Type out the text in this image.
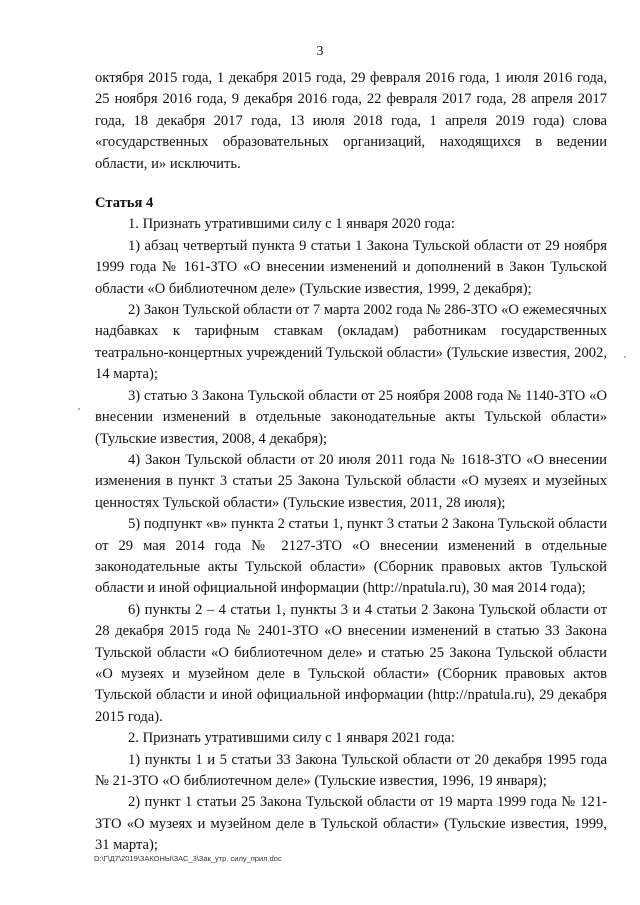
3

октября 2015 года, 1 декабря 2015 года, 29 февраля 2016 года, 1 июля 2016 года, 25 ноября 2016 года, 9 декабря 2016 года, 22 февраля 2017 года, 28 апреля 2017 года, 18 декабря 2017 года, 13 июля 2018 года, 1 апреля 2019 года) слова «государственных образовательных организаций, находящихся в ведении области, и» исключить.

Статья 4

1. Признать утратившими силу с 1 января 2020 года:

1) абзац четвертый пункта 9 статьи 1 Закона Тульской области от 29 ноября 1999 года № 161-ЗТО «О внесении изменений и дополнений в Закон Тульской области «О библиотечном деле» (Тульские известия, 1999, 2 декабря);

2) Закон Тульской области от 7 марта 2002 года № 286-ЗТО «О ежемесячных надбавках к тарифным ставкам (окладам) работникам государственных театрально-концертных учреждений Тульской области» (Тульские известия, 2002, 14 марта);

3) статью 3 Закона Тульской области от 25 ноября 2008 года № 1140-ЗТО «О внесении изменений в отдельные законодательные акты Тульской области» (Тульские известия, 2008, 4 декабря);

4) Закон Тульской области от 20 июля 2011 года № 1618-ЗТО «О внесении изменения в пункт 3 статьи 25 Закона Тульской области «О музеях и музейных ценностях Тульской области» (Тульские известия, 2011, 28 июля);

5) подпункт «в» пункта 2 статьи 1, пункт 3 статьи 2 Закона Тульской области от 29 мая 2014 года № 2127-ЗТО «О внесении изменений в отдельные законодательные акты Тульской области» (Сборник правовых актов Тульской области и иной официальной информации (http://npatula.ru), 30 мая 2014 года);

6) пункты 2 – 4 статьи 1, пункты 3 и 4 статьи 2 Закона Тульской области от 28 декабря 2015 года № 2401-ЗТО «О внесении изменений в статью 33 Закона Тульской области «О библиотечном деле» и статью 25 Закона Тульской области «О музеях и музейном деле в Тульской области» (Сборник правовых актов Тульской области и иной официальной информации (http://npatula.ru), 29 декабря 2015 года).

2. Признать утратившими силу с 1 января 2021 года:

1) пункты 1 и 5 статьи 33 Закона Тульской области от 20 декабря 1995 года № 21-ЗТО «О библиотечном деле» (Тульские известия, 1996, 19 января);

2) пункт 1 статьи 25 Закона Тульской области от 19 марта 1999 года № 121-ЗТО «О музеях и музейном деле в Тульской области» (Тульские известия, 1999, 31 марта);

D:\Г\Д7\2019\ЗАКОНЫ\ЗАС_3\Зак_утр. силу_прил.doc
